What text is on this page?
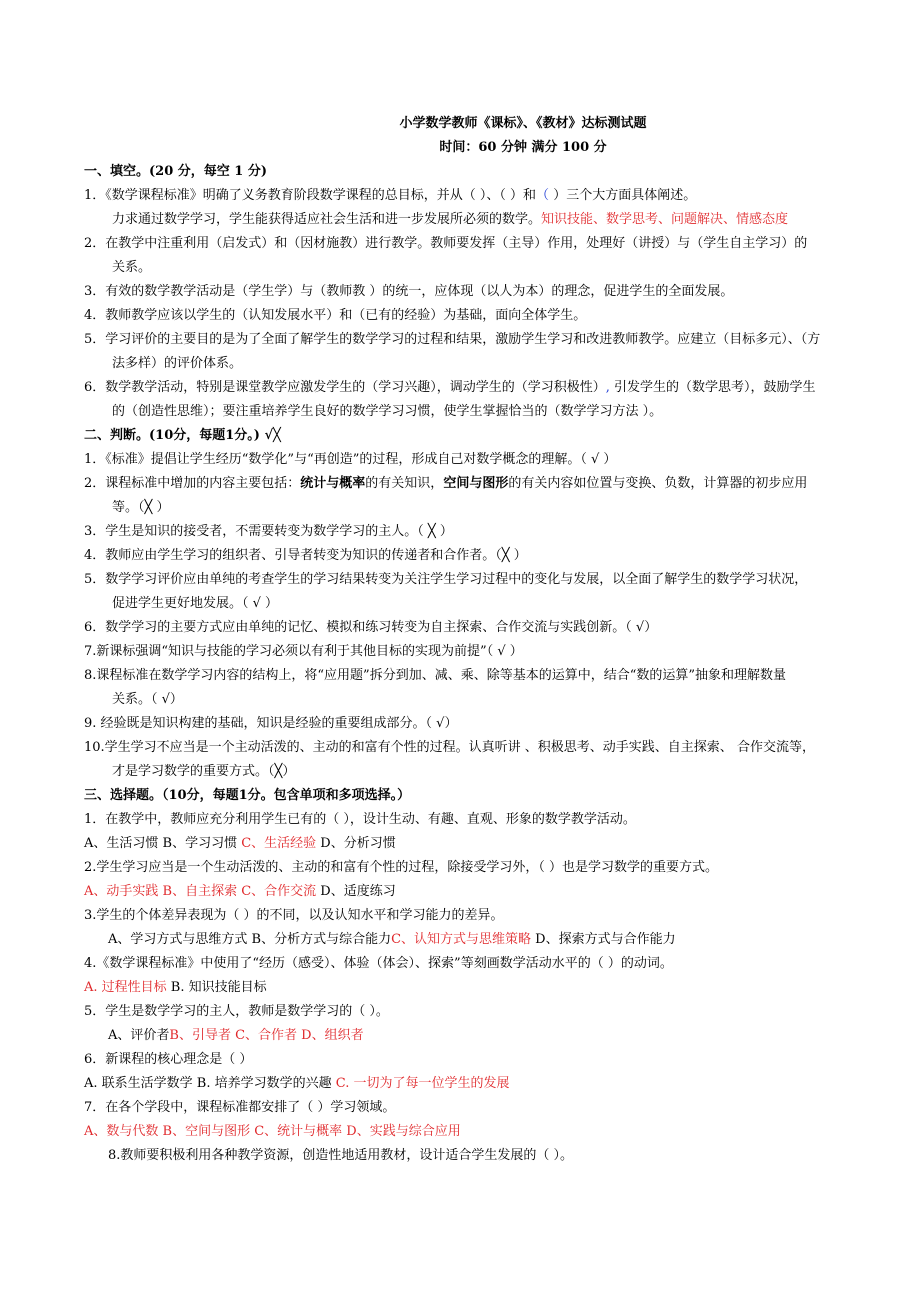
小学数学教师《课标》、《教材》达标测试题
时间：60 分钟 满分 100 分
一、填空。(20 分，每空 1 分)
1．《数学课程标准》明确了义务教育阶段数学课程的总目标，并从（ ）、（ ）和（ ）三个大方面具体阐述。
力求通过数学学习，学生能获得适应社会生活和进一步发展所必须的数学。知识技能、数学思考、问题解决、情感态度
2．在教学中注重利用（启发式）和（因材施教）进行教学。教师要发挥（主导）作用，处理好（讲授）与（学生自主学习）的
关系。
3．有效的数学教学活动是（学生学）与（教师教 ）的统一，应体现（以人为本）的理念，促进学生的全面发展。
4．教师教学应该以学生的（认知发展水平）和（已有的经验）为基础，面向全体学生。
5．学习评价的主要目的是为了全面了解学生的数学学习的过程和结果，激励学生学习和改进教师教学。应建立（目标多元）、（方
法多样）的评价体系。
6．数学教学活动，特别是课堂教学应激发学生的（学习兴趣），调动学生的（学习积极性）, 引发学生的（数学思考），鼓励学生
的（创造性思维）；要注重培养学生良好的数学学习习惯，使学生掌握恰当的（数学学习方法 ）。
二、判断。(10分，每题1分。) √╳
1．《标准》提倡让学生经历“数学化”与“再创造”的过程，形成自己对数学概念的理解。（ √ ）
2．课程标准中增加的内容主要包括：统计与概率的有关知识，空间与图形的有关内容如位置与变换、负数，计算器的初步应用
等。（╳ ）
3．学生是知识的接受者，不需要转变为数学学习的主人。（ ╳ ）
4．教师应由学生学习的组织者、引导者转变为知识的传递者和合作者。（╳ ）
5．数学学习评价应由单纯的考查学生的学习结果转变为关注学生学习过程中的变化与发展，以全面了解学生的数学学习状况，
促进学生更好地发展。（ √ ）
6．数学学习的主要方式应由单纯的记忆、模拟和练习转变为自主探索、合作交流与实践创新。（ √）
7.新课标强调“知识与技能的学习必须以有利于其他目标的实现为前提”（ √ ）
8.课程标准在数学学习内容的结构上，将“应用题”拆分到加、减、乘、除等基本的运算中，结合“数的运算”抽象和理解数量
关系。（ √）
9. 经验既是知识构建的基础，知识是经验的重要组成部分。（ √）
10.学生学习不应当是一个主动活泼的、主动的和富有个性的过程。认真听讲 、积极思考、动手实践、自主探索、 合作交流等，
才是学习数学的重要方式。（╳）
三、选择题。（10分，每题1分。包含单项和多项选择。）
1．在教学中，教师应充分利用学生已有的（ ），设计生动、有趣、直观、形象的数学教学活动。
A、生活习惯 B、学习习惯 C、生活经验 D、分析习惯
2.学生学习应当是一个生动活泼的、主动的和富有个性的过程，除接受学习外，（ ）也是学习数学的重要方式。
A、动手实践 B、自主探索 C、合作交流 D、适度练习
3.学生的个体差异表现为（ ）的不同，以及认知水平和学习能力的差异。
A、学习方式与思维方式 B、分析方式与综合能力C、认知方式与思维策略 D、探索方式与合作能力
4.《数学课程标准》中使用了“经历（感受）、体验（体会）、探索”等刻画数学活动水平的（ ）的动词。
A. 过程性目标 B. 知识技能目标
5．学生是数学学习的主人，教师是数学学习的（ ）。
A、评价者B、引导者 C、合作者 D、组织者
6．新课程的核心理念是（ ）
A. 联系生活学数学 B. 培养学习数学的兴趣 C. 一切为了每一位学生的发展
7．在各个学段中，课程标准都安排了（ ）学习领域。
A、数与代数 B、空间与图形 C、统计与概率 D、实践与综合应用
8.教师要积极利用各种教学资源，创造性地适用教材，设计适合学生发展的（ ）。
